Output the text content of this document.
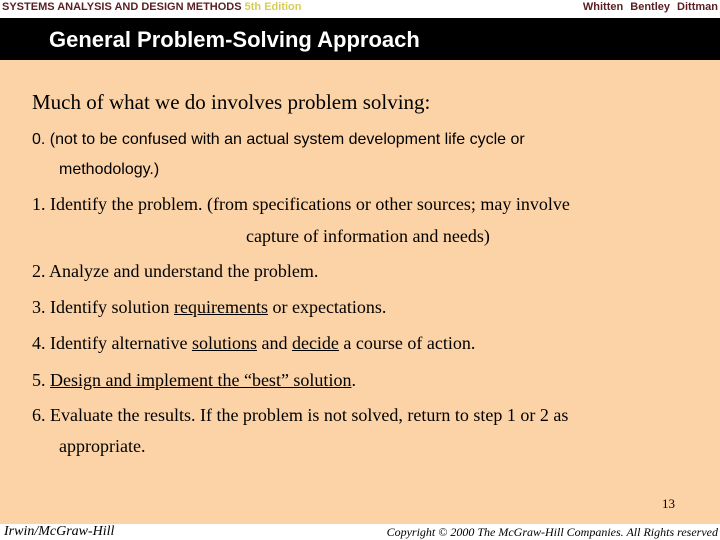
SYSTEMS ANALYSIS AND DESIGN METHODS 5th Edition	Whitten Bentley Dittman
General Problem-Solving Approach
Much of what we do involves problem solving:
0. (not to be confused with an actual system development life cycle or
methodology.)
1. Identify the problem. (from specifications or other sources; may involve
capture of information and needs)
2. Analyze and understand the problem.
3. Identify solution requirements or expectations.
4. Identify alternative solutions and decide a course of action.
5. Design and implement the “best” solution.
6. Evaluate the results. If the problem is not solved, return to step 1 or 2 as
appropriate.
13
Irwin/McGraw-Hill	Copyright © 2000 The McGraw-Hill Companies. All Rights reserved
